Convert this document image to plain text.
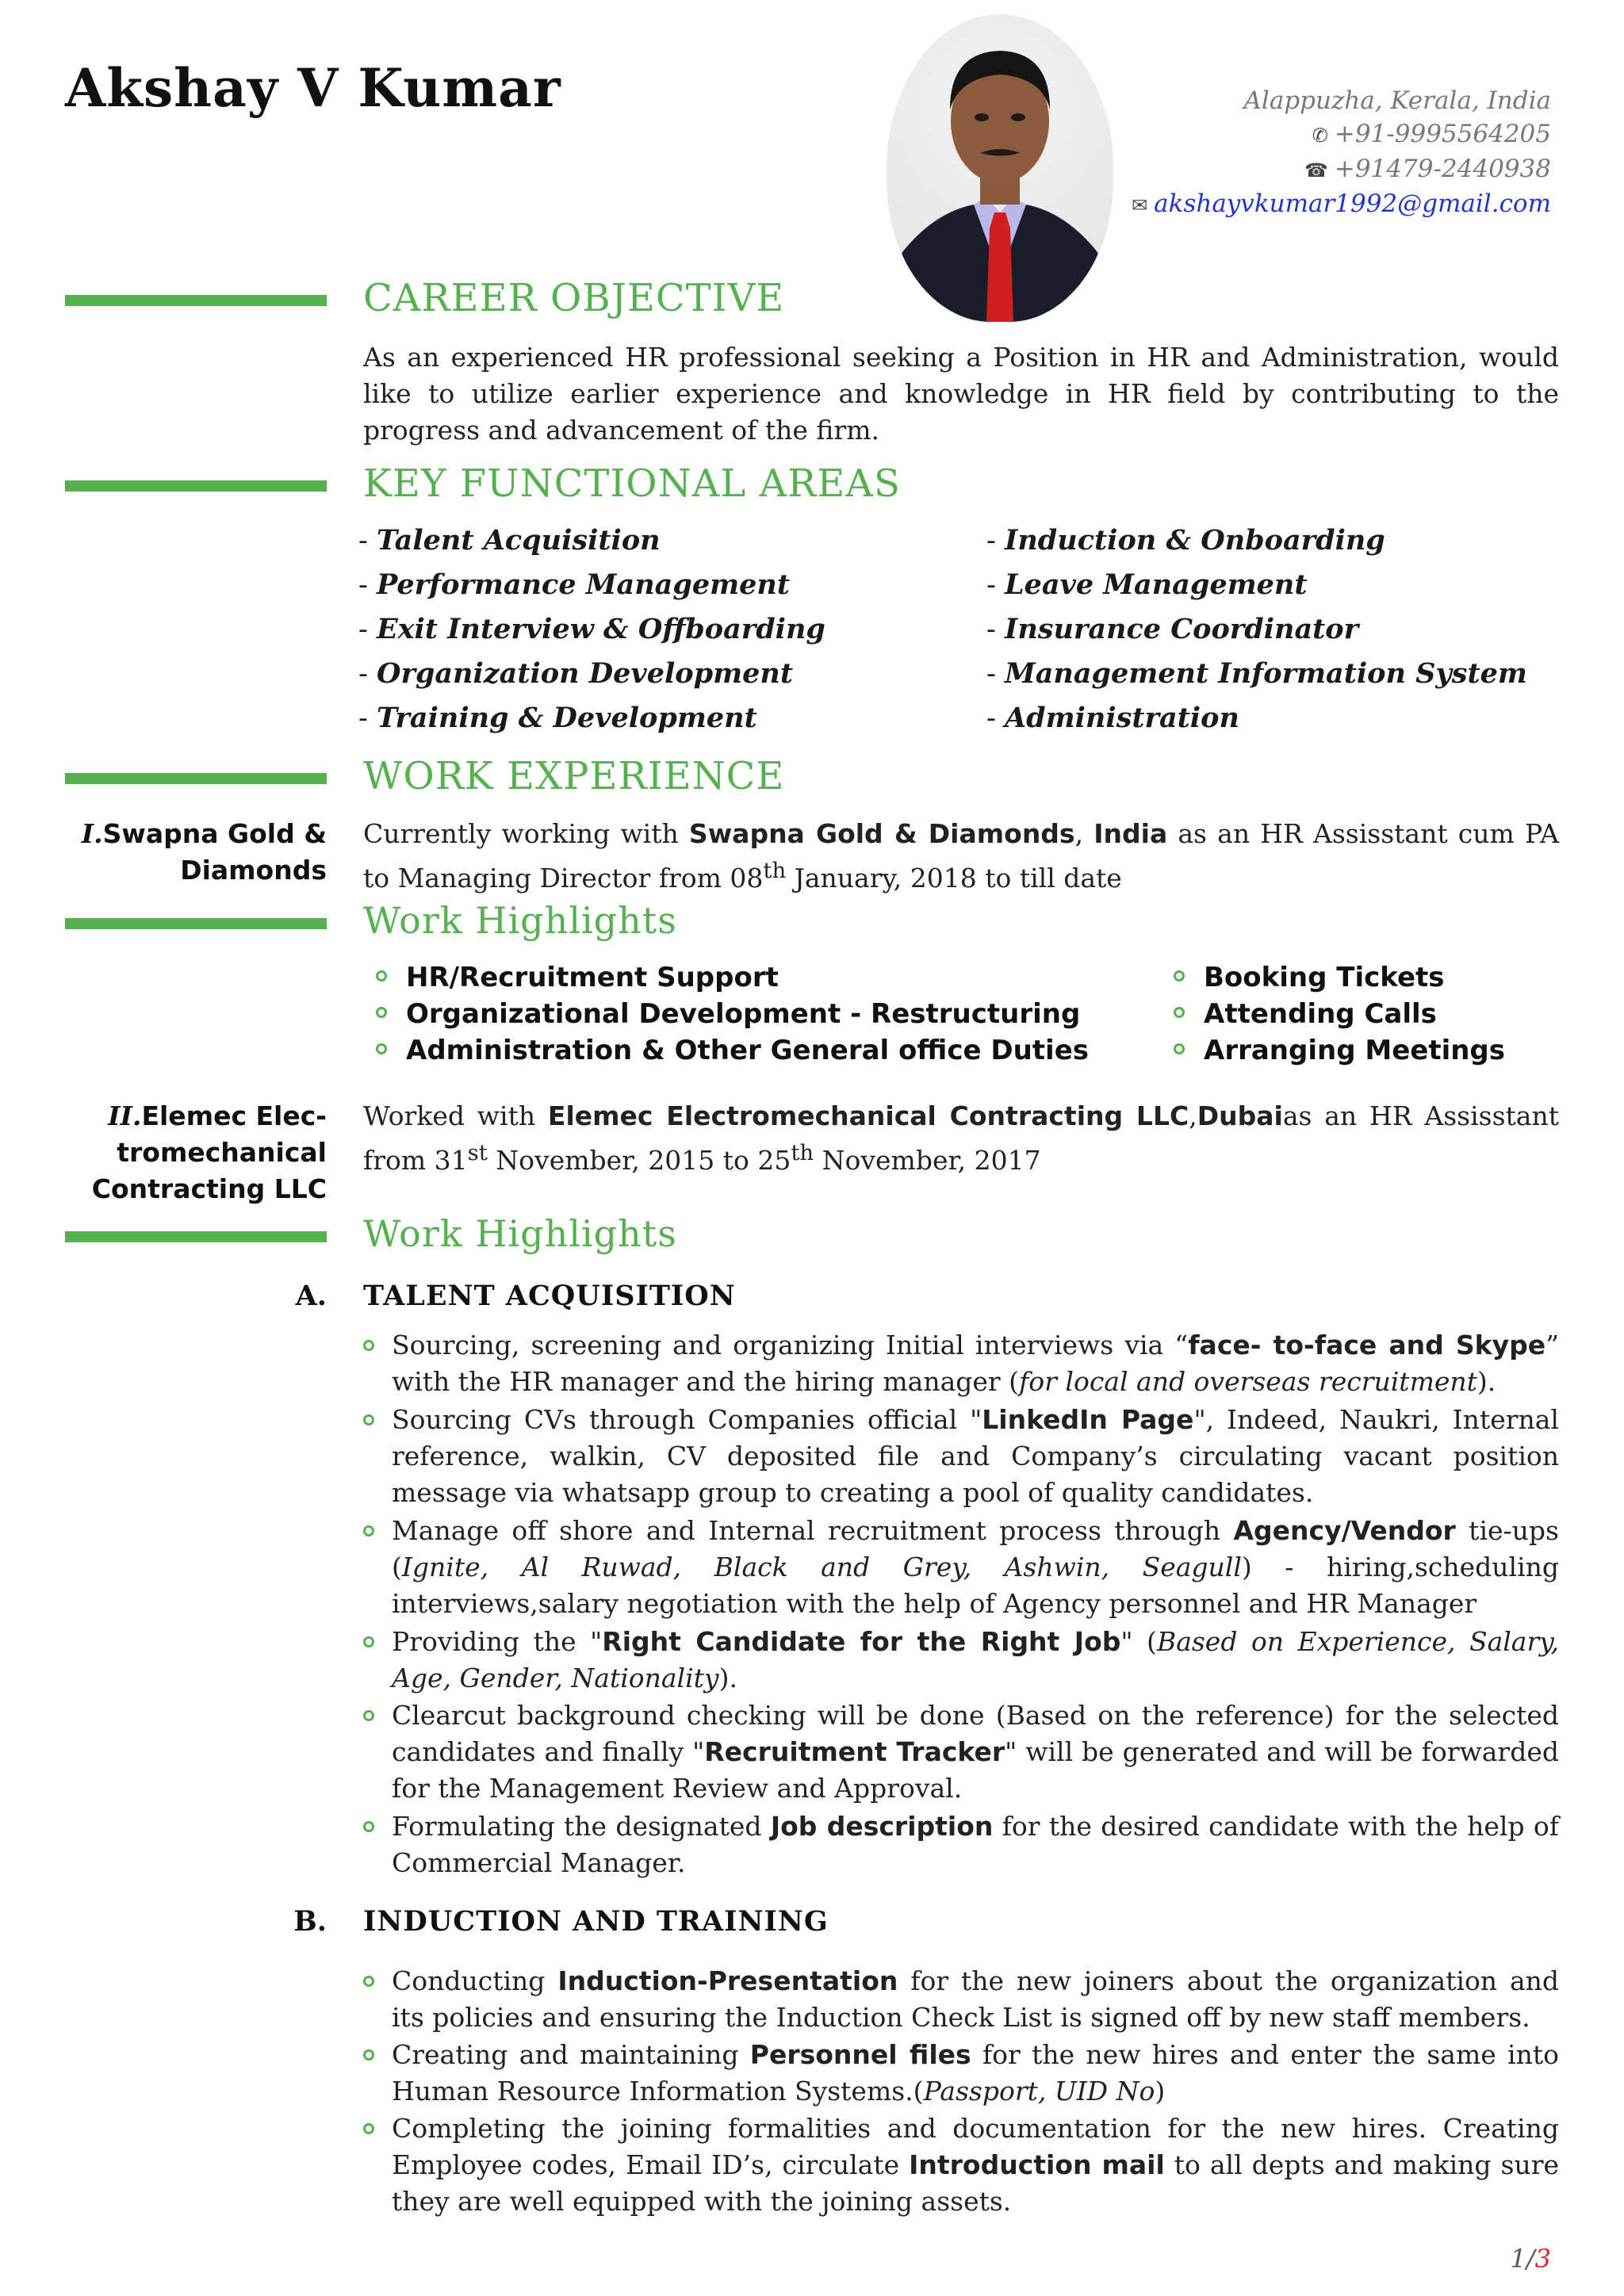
Akshay V Kumar	Alappuzha, Kerala, India
✆ +91-9995564205
☎ +91479-2440938
✉ akshayvkumar1992@gmail.com
CAREER OBJECTIVE
As an experienced HR professional seeking a Position in HR and Administration, would like to utilize earlier experience and knowledge in HR field by contributing to the progress and advancement of the firm.
KEY FUNCTIONAL AREAS
- Talent Acquisition
- Performance Management
- Exit Interview & Offboarding
- Organization Development
- Training & Development
- Induction & Onboarding
- Leave Management
- Insurance Coordinator
- Management Information System
- Administration
WORK EXPERIENCE
I.Swapna Gold &
Diamonds
Currently working with Swapna Gold & Diamonds, India as an HR Assisstant cum PA to Managing Director from 08th January, 2018 to till date
Work Highlights
HR/Recruitment Support
Organizational Development - Restructuring
Administration & Other General office Duties
Booking Tickets
Attending Calls
Arranging Meetings
II.Elemec Elec-
tromechanical
Contracting LLC
Worked with Elemec Electromechanical Contracting LLC,Dubaias an HR Assisstant from 31st November, 2015 to 25th November, 2017
Work Highlights
A. TALENT ACQUISITION
Sourcing, screening and organizing Initial interviews via “face- to-face and Skype” with the HR manager and the hiring manager (for local and overseas recruitment).
Sourcing CVs through Companies official "LinkedIn Page", Indeed, Naukri, Internal reference, walkin, CV deposited file and Company’s circulating vacant position message via whatsapp group to creating a pool of quality candidates.
Manage off shore and Internal recruitment process through Agency/Vendor tie-ups (Ignite, Al Ruwad, Black and Grey, Ashwin, Seagull) - hiring,scheduling interviews,salary negotiation with the help of Agency personnel and HR Manager
Providing the "Right Candidate for the Right Job" (Based on Experience, Salary, Age, Gender, Nationality).
Clearcut background checking will be done (Based on the reference) for the selected candidates and finally "Recruitment Tracker" will be generated and will be forwarded for the Management Review and Approval.
Formulating the designated Job description for the desired candidate with the help of Commercial Manager.
B. INDUCTION AND TRAINING
Conducting Induction-Presentation for the new joiners about the organization and its policies and ensuring the Induction Check List is signed off by new staff members.
Creating and maintaining Personnel files for the new hires and enter the same into Human Resource Information Systems.(Passport, UID No)
Completing the joining formalities and documentation for the new hires. Creating Employee codes, Email ID’s, circulate Introduction mail to all depts and making sure they are well equipped with the joining assets.
1/3
